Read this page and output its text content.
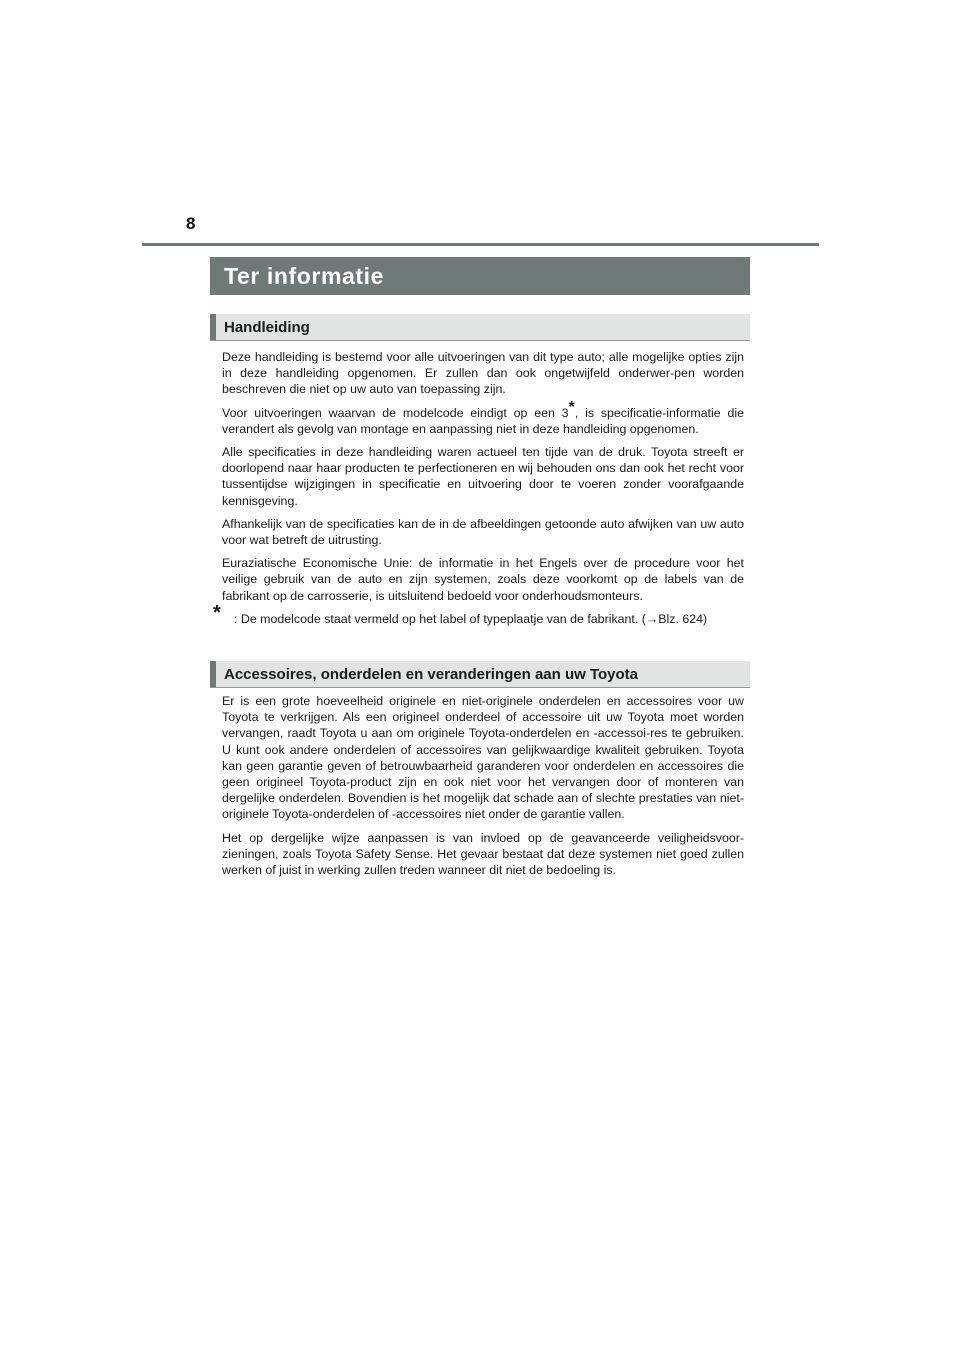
8
Ter informatie
Handleiding

Deze handleiding is bestemd voor alle uitvoeringen van dit type auto; alle mogelijke opties zijn in deze handleiding opgenomen. Er zullen dan ook ongetwijfeld onderwer-pen worden beschreven die niet op uw auto van toepassing zijn.

Voor uitvoeringen waarvan de modelcode eindigt op een 3*, is specificatie-informatie die verandert als gevolg van montage en aanpassing niet in deze handleiding opgenomen.

Alle specificaties in deze handleiding waren actueel ten tijde van de druk. Toyota streeft er doorlopend naar haar producten te perfectioneren en wij behouden ons dan ook het recht voor tussentijdse wijzigingen in specificatie en uitvoering door te voeren zonder voorafgaande kennisgeving.

Afhankelijk van de specificaties kan de in de afbeeldingen getoonde auto afwijken van uw auto voor wat betreft de uitrusting.

Euraziatische Economische Unie: de informatie in het Engels over de procedure voor het veilige gebruik van de auto en zijn systemen, zoals deze voorkomt op de labels van de fabrikant op de carrosserie, is uitsluitend bedoeld voor onderhoudsmonteurs.

* : De modelcode staat vermeld op het label of typeplaatje van de fabrikant. (→Blz. 624)

Accessoires, onderdelen en veranderingen aan uw Toyota

Er is een grote hoeveelheid originele en niet-originele onderdelen en accessoires voor uw Toyota te verkrijgen. Als een origineel onderdeel of accessoire uit uw Toyota moet worden vervangen, raadt Toyota u aan om originele Toyota-onderdelen en -accessoi-res te gebruiken. U kunt ook andere onderdelen of accessoires van gelijkwaardige kwaliteit gebruiken. Toyota kan geen garantie geven of betrouwbaarheid garanderen voor onderdelen en accessoires die geen origineel Toyota-product zijn en ook niet voor het vervangen door of monteren van dergelijke onderdelen. Bovendien is het mogelijk dat schade aan of slechte prestaties van niet-originele Toyota-onderdelen of -accessoires niet onder de garantie vallen.

Het op dergelijke wijze aanpassen is van invloed op de geavanceerde veiligheidsvoor-zieningen, zoals Toyota Safety Sense. Het gevaar bestaat dat deze systemen niet goed zullen werken of juist in werking zullen treden wanneer dit niet de bedoeling is.
